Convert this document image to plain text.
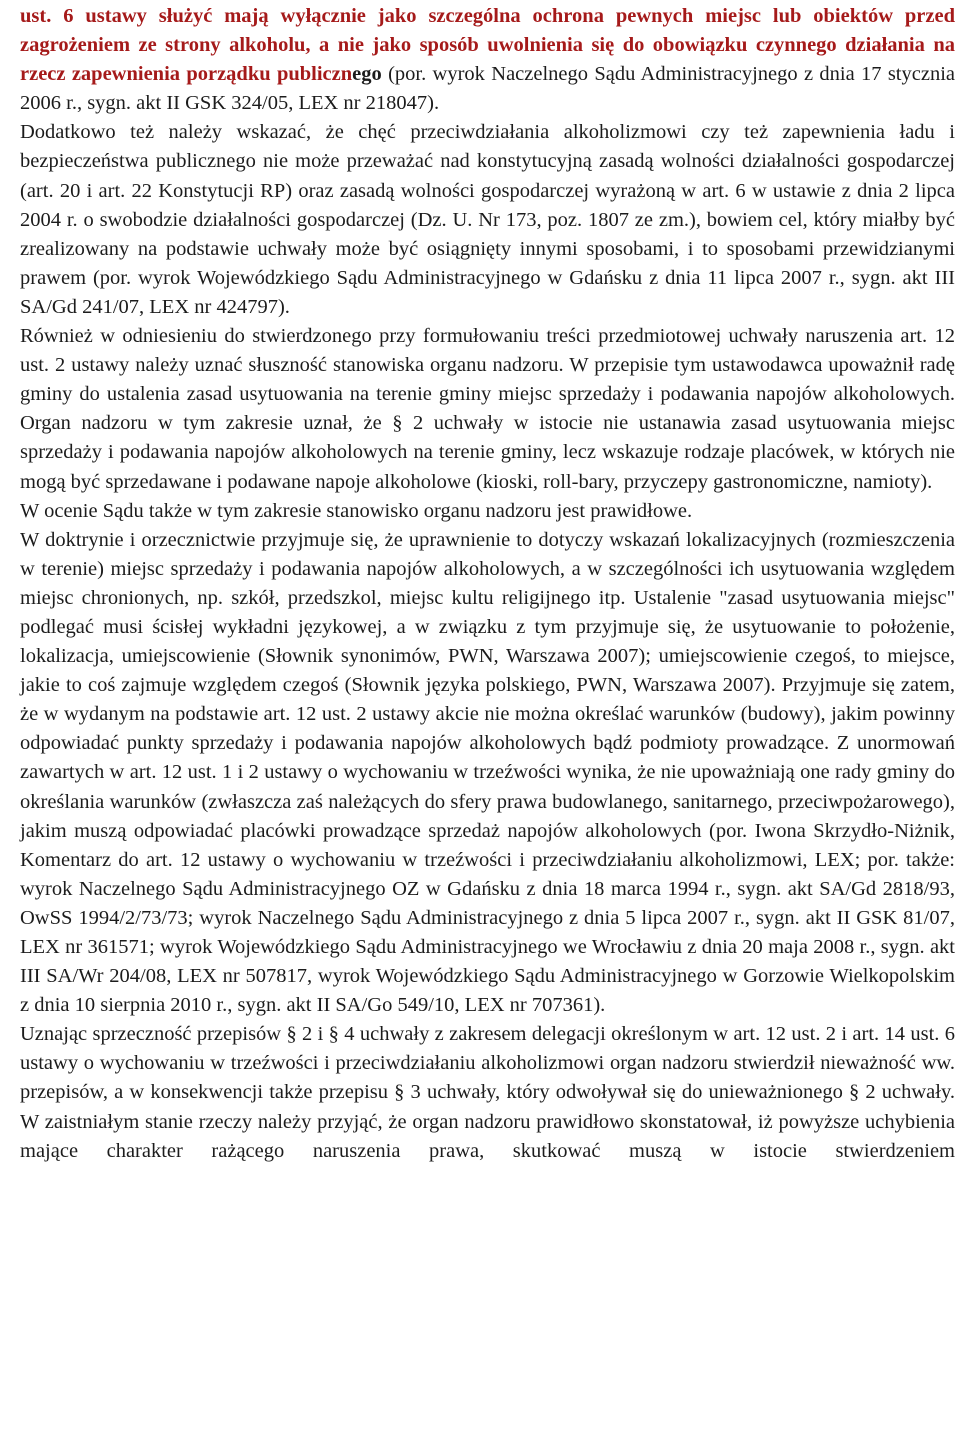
ust. 6 ustawy służyć mają wyłącznie jako szczególna ochrona pewnych miejsc lub obiektów przed zagrożeniem ze strony alkoholu, a nie jako sposób uwolnienia się do obowiązku czynnego działania na rzecz zapewnienia porządku publicznego (por. wyrok Naczelnego Sądu Administracyjnego z dnia 17 stycznia 2006 r., sygn. akt II GSK 324/05, LEX nr 218047).

Dodatkowo też należy wskazać, że chęć przeciwdziałania alkoholizmowi czy też zapewnienia ładu i bezpieczeństwa publicznego nie może przeważać nad konstytucyjną zasadą wolności działalności gospodarczej (art. 20 i art. 22 Konstytucji RP) oraz zasadą wolności gospodarczej wyrażoną w art. 6 w ustawie z dnia 2 lipca 2004 r. o swobodzie działalności gospodarczej (Dz. U. Nr 173, poz. 1807 ze zm.), bowiem cel, który miałby być zrealizowany na podstawie uchwały może być osiągnięty innymi sposobami, i to sposobami przewidzianymi prawem (por. wyrok Wojewódzkiego Sądu Administracyjnego w Gdańsku z dnia 11 lipca 2007 r., sygn. akt III SA/Gd 241/07, LEX nr 424797).

Również w odniesieniu do stwierdzonego przy formułowaniu treści przedmiotowej uchwały naruszenia art. 12 ust. 2 ustawy należy uznać słuszność stanowiska organu nadzoru. W przepisie tym ustawodawca upoważnił radę gminy do ustalenia zasad usytuowania na terenie gminy miejsc sprzedaży i podawania napojów alkoholowych. Organ nadzoru w tym zakresie uznał, że § 2 uchwały w istocie nie ustanawia zasad usytuowania miejsc sprzedaży i podawania napojów alkoholowych na terenie gminy, lecz wskazuje rodzaje placówek, w których nie mogą być sprzedawane i podawane napoje alkoholowe (kioski, roll-bary, przyczepy gastronomiczne, namioty).

W ocenie Sądu także w tym zakresie stanowisko organu nadzoru jest prawidłowe.

W doktrynie i orzecznictwie przyjmuje się, że uprawnienie to dotyczy wskazań lokalizacyjnych (rozmieszczenia w terenie) miejsc sprzedaży i podawania napojów alkoholowych, a w szczególności ich usytuowania względem miejsc chronionych, np. szkół, przedszkol, miejsc kultu religijnego itp. Ustalenie "zasad usytuowania miejsc" podlegać musi ścisłej wykładni językowej, a w związku z tym przyjmuje się, że usytuowanie to położenie, lokalizacja, umiejscowienie (Słownik synonimów, PWN, Warszawa 2007); umiejscowienie czegoś, to miejsce, jakie to coś zajmuje względem czegoś (Słownik języka polskiego, PWN, Warszawa 2007). Przyjmuje się zatem, że w wydanym na podstawie art. 12 ust. 2 ustawy akcie nie można określać warunków (budowy), jakim powinny odpowiadać punkty sprzedaży i podawania napojów alkoholowych bądź podmioty prowadzące. Z unormowań zawartych w art. 12 ust. 1 i 2 ustawy o wychowaniu w trzeźwości wynika, że nie upoważniają one rady gminy do określania warunków (zwłaszcza zaś należących do sfery prawa budowlanego, sanitarnego, przeciwpożarowego), jakim muszą odpowiadać placówki prowadzące sprzedaż napojów alkoholowych (por. Iwona Skrzydło-Niżnik, Komentarz do art. 12 ustawy o wychowaniu w trzeźwości i przeciwdziałaniu alkoholizmowi, LEX; por. także: wyrok Naczelnego Sądu Administracyjnego OZ w Gdańsku z dnia 18 marca 1994 r., sygn. akt SA/Gd 2818/93, OwSS 1994/2/73/73; wyrok Naczelnego Sądu Administracyjnego z dnia 5 lipca 2007 r., sygn. akt II GSK 81/07, LEX nr 361571; wyrok Wojewódzkiego Sądu Administracyjnego we Wrocławiu z dnia 20 maja 2008 r., sygn. akt III SA/Wr 204/08, LEX nr 507817, wyrok Wojewódzkiego Sądu Administracyjnego w Gorzowie Wielkopolskim z dnia 10 sierpnia 2010 r., sygn. akt II SA/Go 549/10, LEX nr 707361).

Uznając sprzeczność przepisów § 2 i § 4 uchwały z zakresem delegacji określonym w art. 12 ust. 2 i art. 14 ust. 6 ustawy o wychowaniu w trzeźwości i przeciwdziałaniu alkoholizmowi organ nadzoru stwierdził nieważność ww. przepisów, a w konsekwencji także przepisu § 3 uchwały, który odwoływał się do unieważnionego § 2 uchwały. W zaistniałym stanie rzeczy należy przyjąć, że organ nadzoru prawidłowo skonstatował, iż powyższe uchybienia mające charakter rażącego naruszenia prawa, skutkować muszą w istocie stwierdzeniem
